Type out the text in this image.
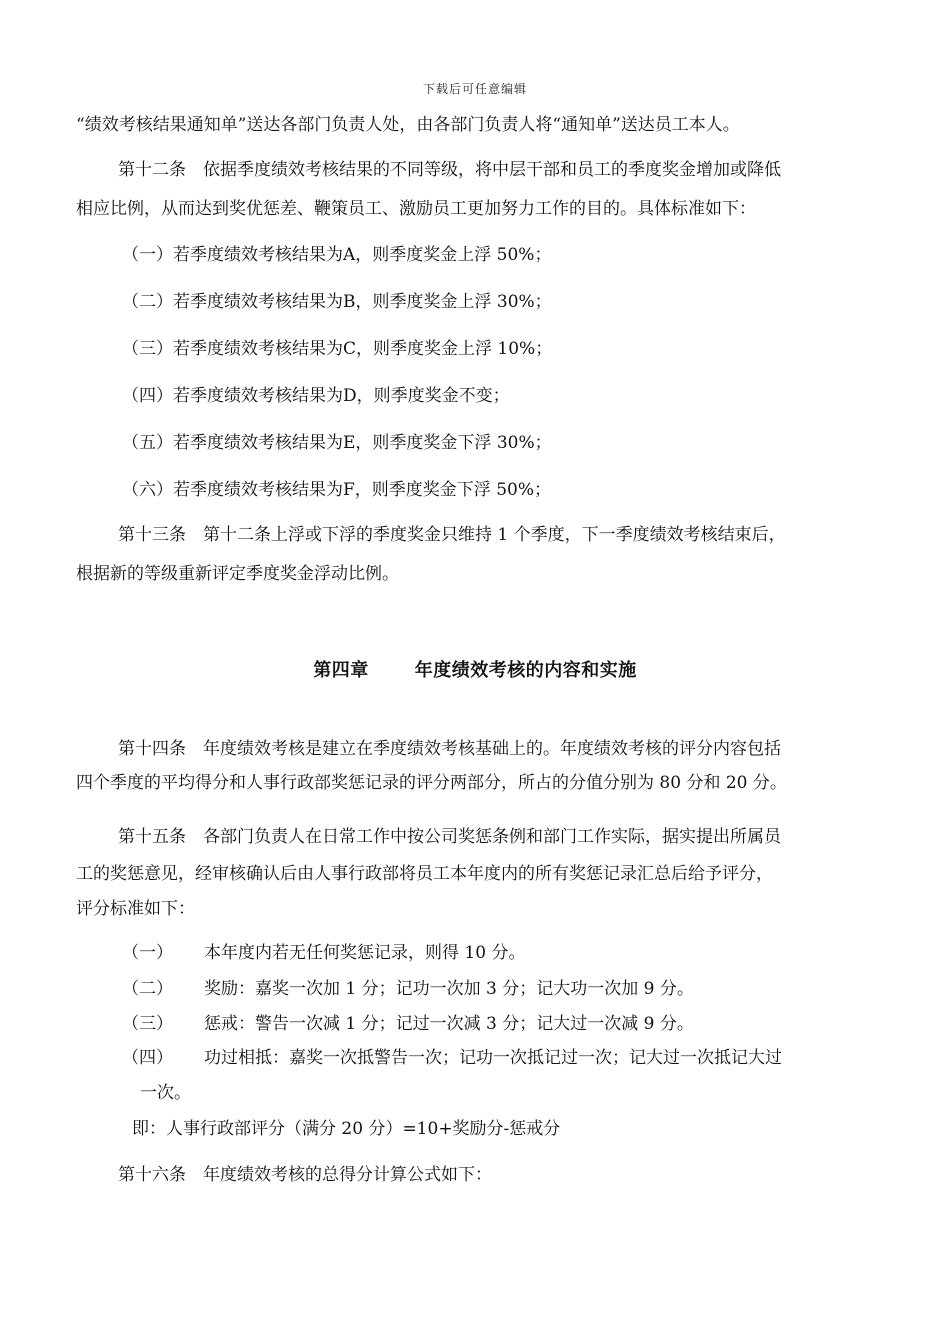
下载后可任意编辑
“绩效考核结果通知单”送达各部门负责人处，由各部门负责人将“通知单”送达员工本人。
第十二条　依据季度绩效考核结果的不同等级，将中层干部和员工的季度奖金增加或降低
相应比例，从而达到奖优惩差、鞭策员工、激励员工更加努力工作的目的。具体标准如下：
（一）若季度绩效考核结果为A，则季度奖金上浮 50%；
（二）若季度绩效考核结果为B，则季度奖金上浮 30%；
（三）若季度绩效考核结果为C，则季度奖金上浮 10%；
（四）若季度绩效考核结果为D，则季度奖金不变；
（五）若季度绩效考核结果为E，则季度奖金下浮 30%；
（六）若季度绩效考核结果为F，则季度奖金下浮 50%；
第十三条　第十二条上浮或下浮的季度奖金只维持 1 个季度，下一季度绩效考核结束后，
根据新的等级重新评定季度奖金浮动比例。
第四章	年度绩效考核的内容和实施
第十四条　年度绩效考核是建立在季度绩效考核基础上的。年度绩效考核的评分内容包括
四个季度的平均得分和人事行政部奖惩记录的评分两部分，所占的分值分别为 80 分和 20 分。
第十五条　各部门负责人在日常工作中按公司奖惩条例和部门工作实际，据实提出所属员
工的奖惩意见，经审核确认后由人事行政部将员工本年度内的所有奖惩记录汇总后给予评分，
评分标准如下：
（一） 本年度内若无任何奖惩记录，则得 10 分。
（二） 奖励：嘉奖一次加 1 分；记功一次加 3 分；记大功一次加 9 分。
（三） 惩戒：警告一次减 1 分；记过一次减 3 分；记大过一次减 9 分。
（四） 功过相抵：嘉奖一次抵警告一次；记功一次抵记过一次；记大过一次抵记大过
一次。
即：人事行政部评分（满分 20 分）=10+奖励分-惩戒分
第十六条　年度绩效考核的总得分计算公式如下：
